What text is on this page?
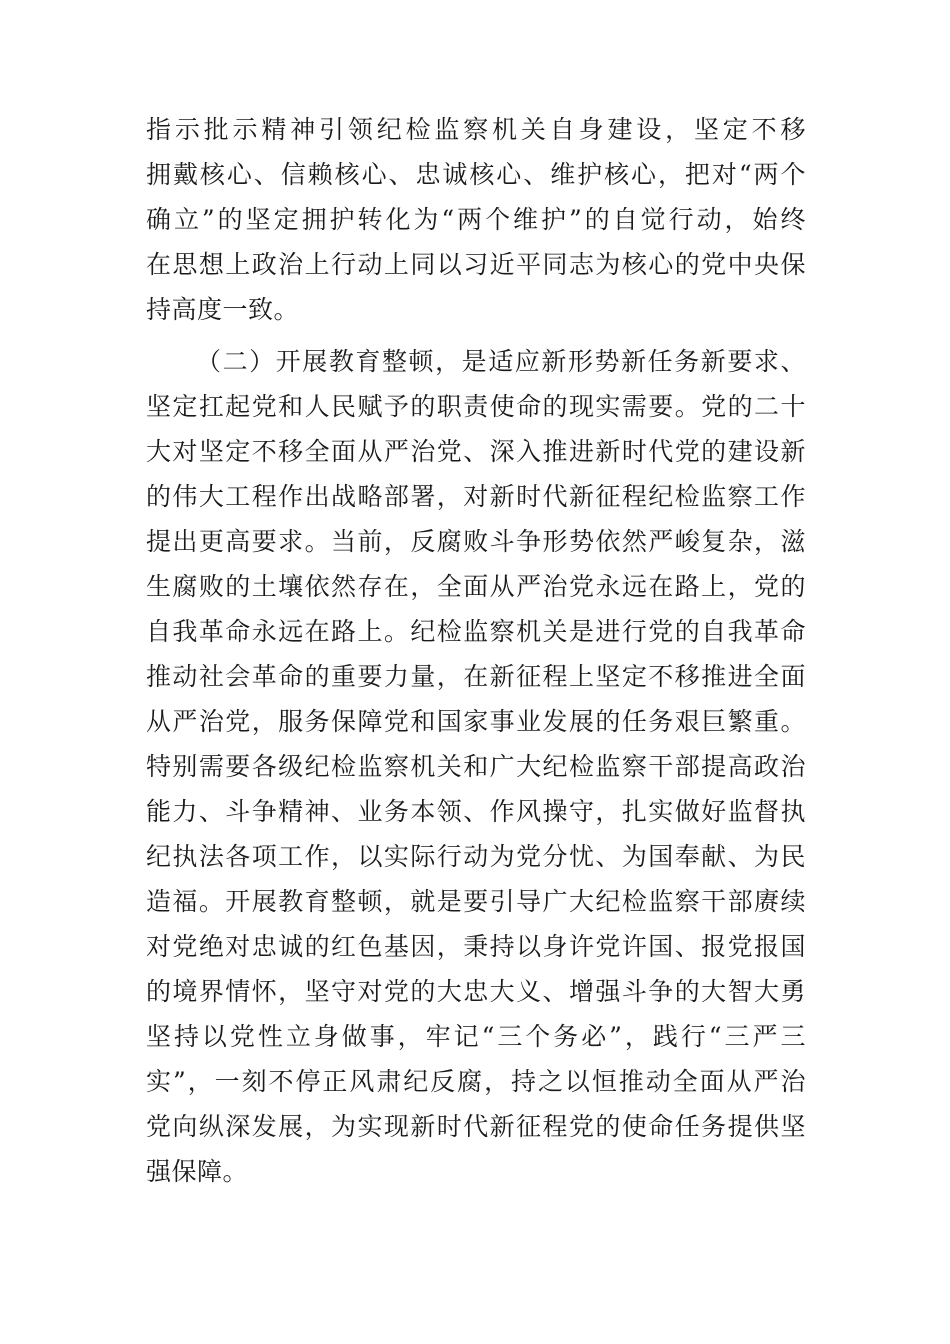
指示批示精神引领纪检监察机关自身建设，坚定不移
拥戴核心、信赖核心、忠诚核心、维护核心，把对“两个
确立”的坚定拥护转化为“两个维护”的自觉行动，始终
在思想上政治上行动上同以习近平同志为核心的党中央保
持高度一致。
（二）开展教育整顿，是适应新形势新任务新要求、
坚定扛起党和人民赋予的职责使命的现实需要。党的二十
大对坚定不移全面从严治党、深入推进新时代党的建设新
的伟大工程作出战略部署，对新时代新征程纪检监察工作
提出更高要求。当前，反腐败斗争形势依然严峻复杂，滋
生腐败的土壤依然存在，全面从严治党永远在路上，党的
自我革命永远在路上。纪检监察机关是进行党的自我革命
推动社会革命的重要力量，在新征程上坚定不移推进全面
从严治党，服务保障党和国家事业发展的任务艰巨繁重。
特别需要各级纪检监察机关和广大纪检监察干部提高政治
能力、斗争精神、业务本领、作风操守，扎实做好监督执
纪执法各项工作，以实际行动为党分忧、为国奉献、为民
造福。开展教育整顿，就是要引导广大纪检监察干部赓续
对党绝对忠诚的红色基因，秉持以身许党许国、报党报国
的境界情怀，坚守对党的大忠大义、增强斗争的大智大勇
坚持以党性立身做事，牢记“三个务必”，践行“三严三
实”，一刻不停正风肃纪反腐，持之以恒推动全面从严治
党向纵深发展，为实现新时代新征程党的使命任务提供坚
强保障。
